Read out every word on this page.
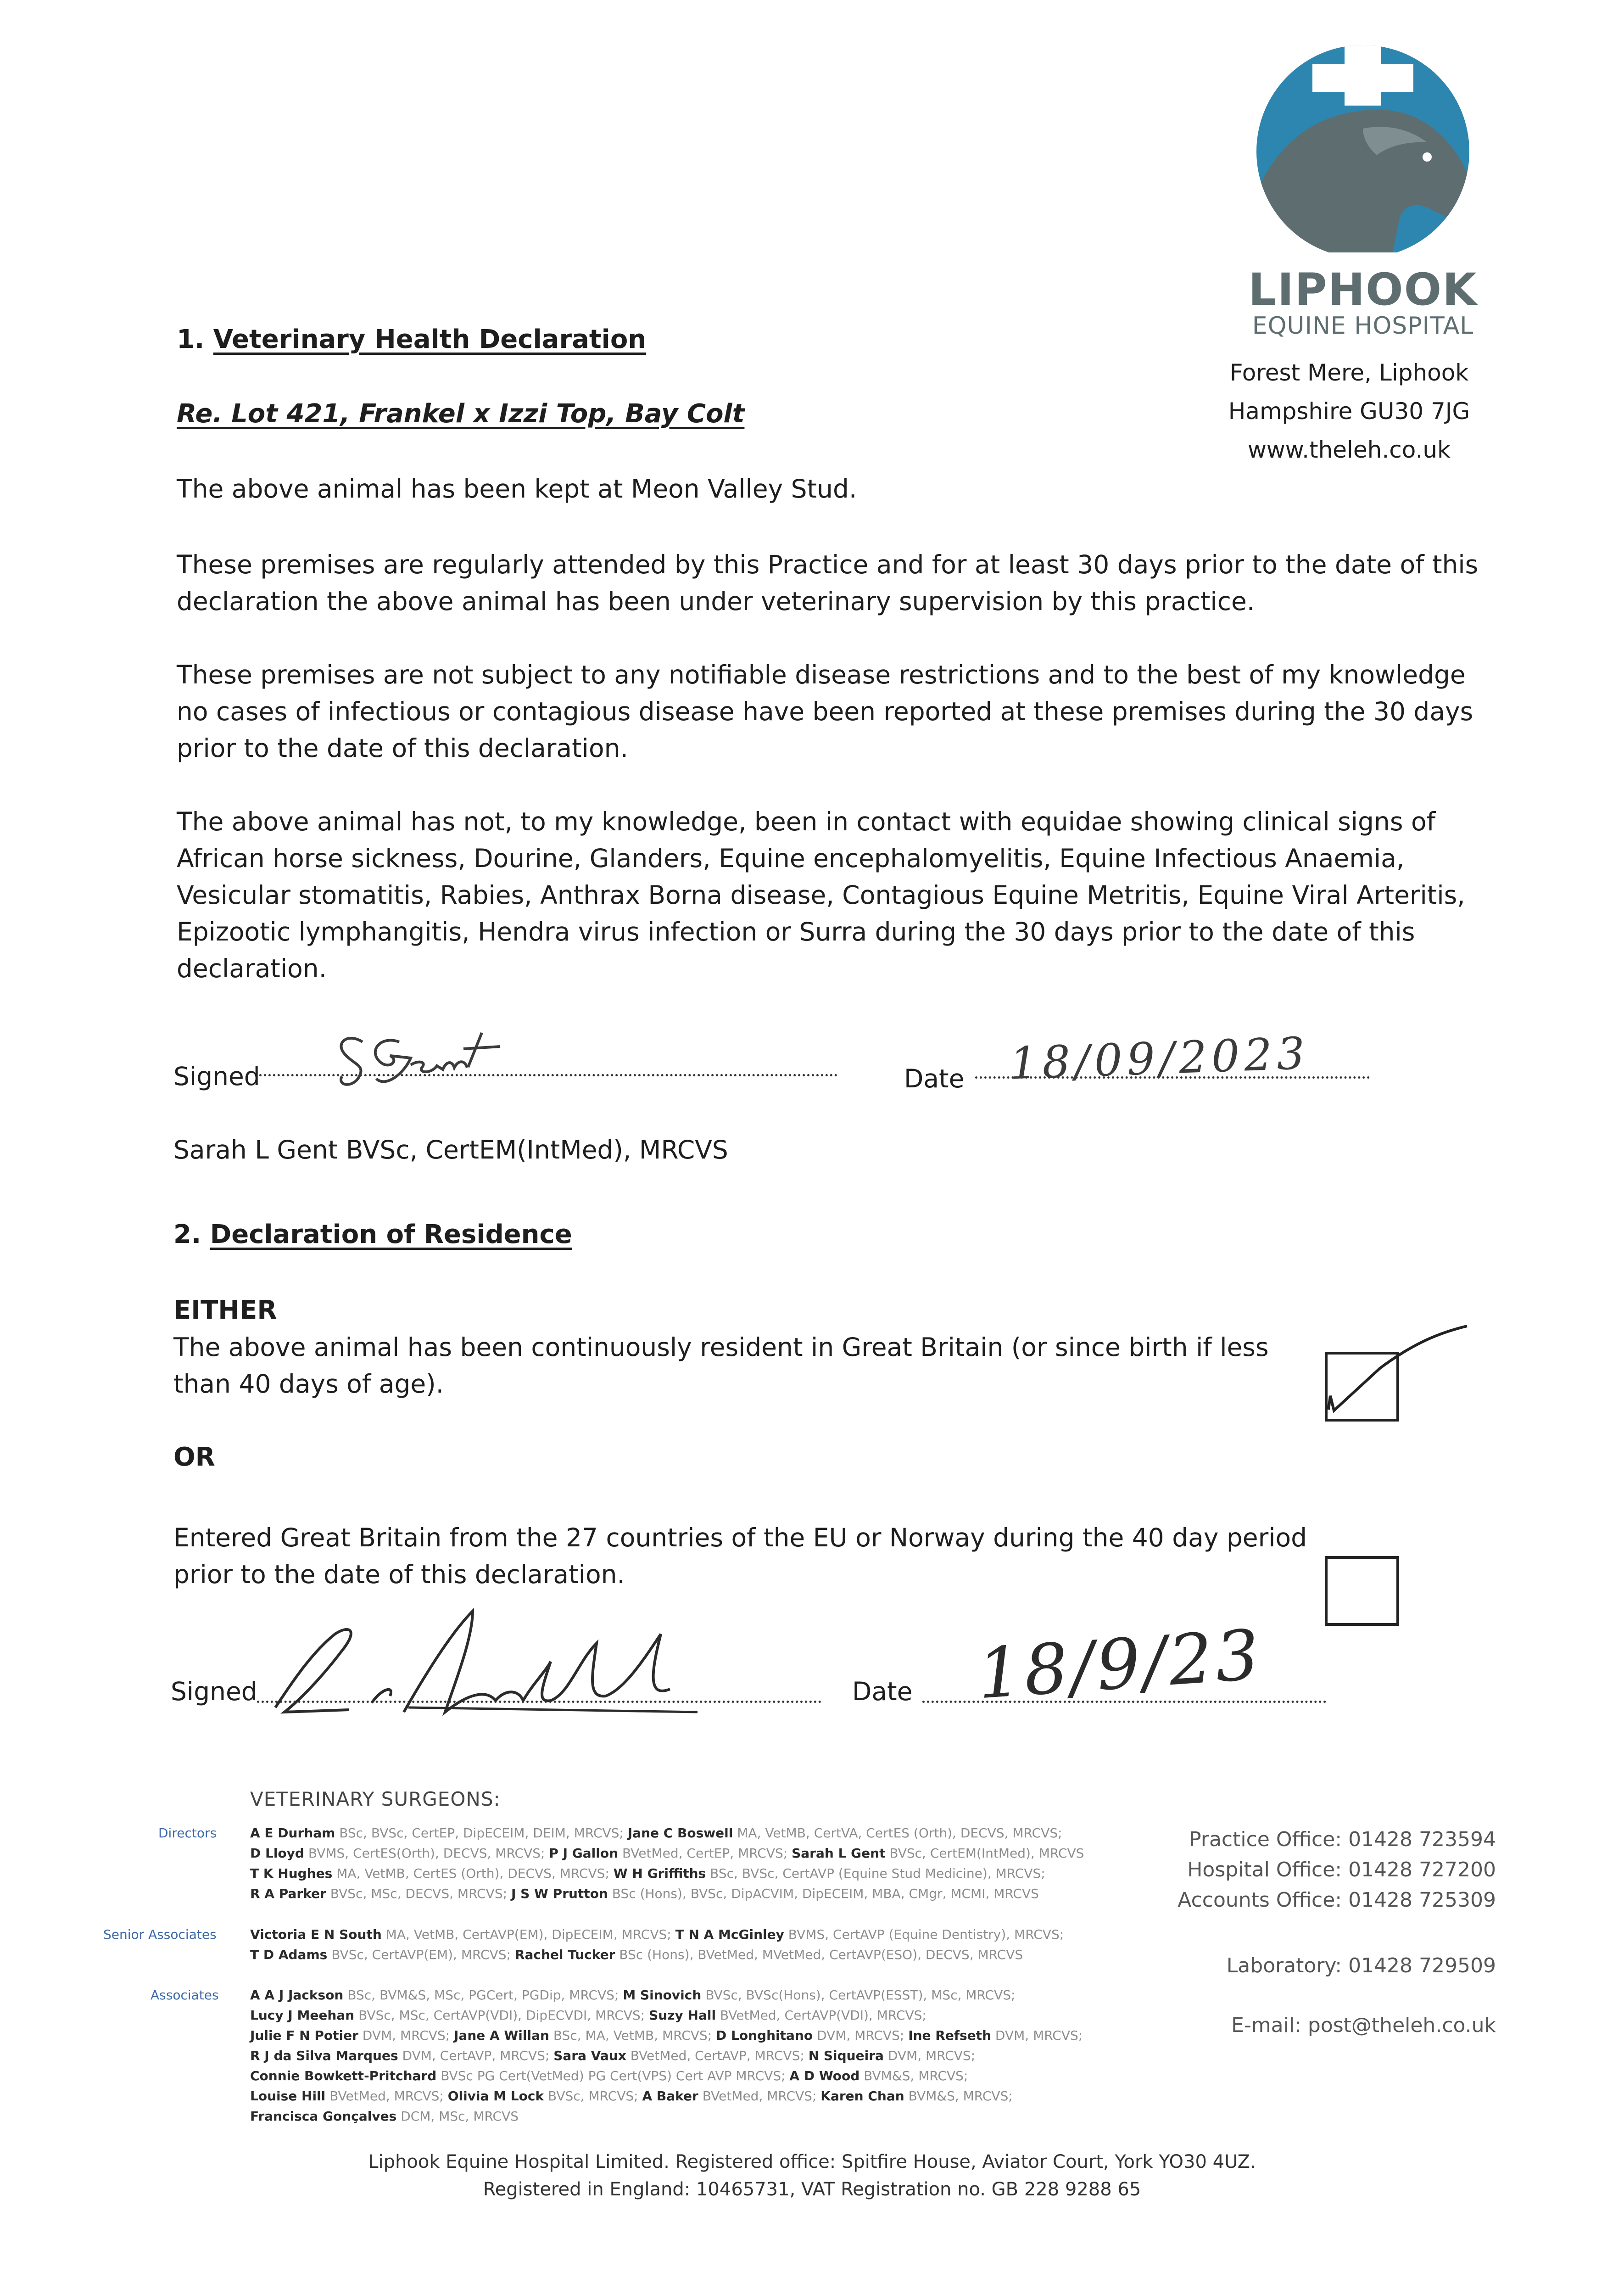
LIPHOOK
EQUINE HOSPITAL
Forest Mere, Liphook
Hampshire GU30 7JG
www.theleh.co.uk
1. Veterinary Health Declaration
Re. Lot 421, Frankel x Izzi Top, Bay Colt
The above animal has been kept at Meon Valley Stud.
These premises are regularly attended by this Practice and for at least 30 days prior to the date of this declaration the above animal has been under veterinary supervision by this practice.
These premises are not subject to any notifiable disease restrictions and to the best of my knowledge no cases of infectious or contagious disease have been reported at these premises during the 30 days prior to the date of this declaration.
The above animal has not, to my knowledge, been in contact with equidae showing clinical signs of African horse sickness, Dourine, Glanders, Equine encephalomyelitis, Equine Infectious Anaemia, Vesicular stomatitis, Rabies, Anthrax Borna disease, Contagious Equine Metritis, Equine Viral Arteritis, Epizootic lymphangitis, Hendra virus infection or Surra during the 30 days prior to the date of this declaration.
Signed
Sarah L Gent BVSc, CertEM(IntMed), MRCVS
Date 18/09/2023
2. Declaration of Residence
EITHER
The above animal has been continuously resident in Great Britain (or since birth if less than 40 days of age).
OR
Entered Great Britain from the 27 countries of the EU or Norway during the 40 day period prior to the date of this declaration.
Signed	Date 18/9/23
VETERINARY SURGEONS:
Directors
Senior Associates
Associates
A E Durham BSc, BVSc, CertEP, DipECEIM, DEIM, MRCVS; Jane C Boswell MA, VetMB, CertVA, CertES (Orth), DECVS, MRCVS;
D Lloyd BVMS, CertES(Orth), DECVS, MRCVS; P J Gallon BVetMed, CertEP, MRCVS; Sarah L Gent BVSc, CertEM(IntMed), MRCVS
T K Hughes MA, VetMB, CertES (Orth), DECVS, MRCVS; W H Griffiths BSc, BVSc, CertAVP (Equine Stud Medicine), MRCVS;
R A Parker BVSc, MSc, DECVS, MRCVS; J S W Prutton BSc (Hons), BVSc, DipACVIM, DipECEIM, MBA, CMgr, MCMI, MRCVS
Victoria E N South MA, VetMB, CertAVP(EM), DipECEIM, MRCVS; T N A McGinley BVMS, CertAVP (Equine Dentistry), MRCVS;
T D Adams BVSc, CertAVP(EM), MRCVS; Rachel Tucker BSc (Hons), BVetMed, MVetMed, CertAVP(ESO), DECVS, MRCVS
A A J Jackson BSc, BVM&S, MSc, PGCert, PGDip, MRCVS; M Sinovich BVSc, BVSc(Hons), CertAVP(ESST), MSc, MRCVS;
Lucy J Meehan BVSc, MSc, CertAVP(VDI), DipECVDI, MRCVS; Suzy Hall BVetMed, CertAVP(VDI), MRCVS;
Julie F N Potier DVM, MRCVS; Jane A Willan BSc, MA, VetMB, MRCVS; D Longhitano DVM, MRCVS; Ine Refseth DVM, MRCVS;
R J da Silva Marques DVM, CertAVP, MRCVS; Sara Vaux BVetMed, CertAVP, MRCVS; N Siqueira DVM, MRCVS;
Connie Bowkett-Pritchard BVSc PG Cert(VetMed) PG Cert(VPS) Cert AVP MRCVS; A D Wood BVM&S, MRCVS;
Louise Hill BVetMed, MRCVS; Olivia M Lock BVSc, MRCVS; A Baker BVetMed, MRCVS; Karen Chan BVM&S, MRCVS;
Francisca Gonçalves DCM, MSc, MRCVS
Practice Office: 01428 723594
Hospital Office: 01428 727200
Accounts Office: 01428 725309
Laboratory: 01428 729509
E-mail: post@theleh.co.uk
Liphook Equine Hospital Limited. Registered office: Spitfire House, Aviator Court, York YO30 4UZ.
Registered in England: 10465731, VAT Registration no. GB 228 9288 65
